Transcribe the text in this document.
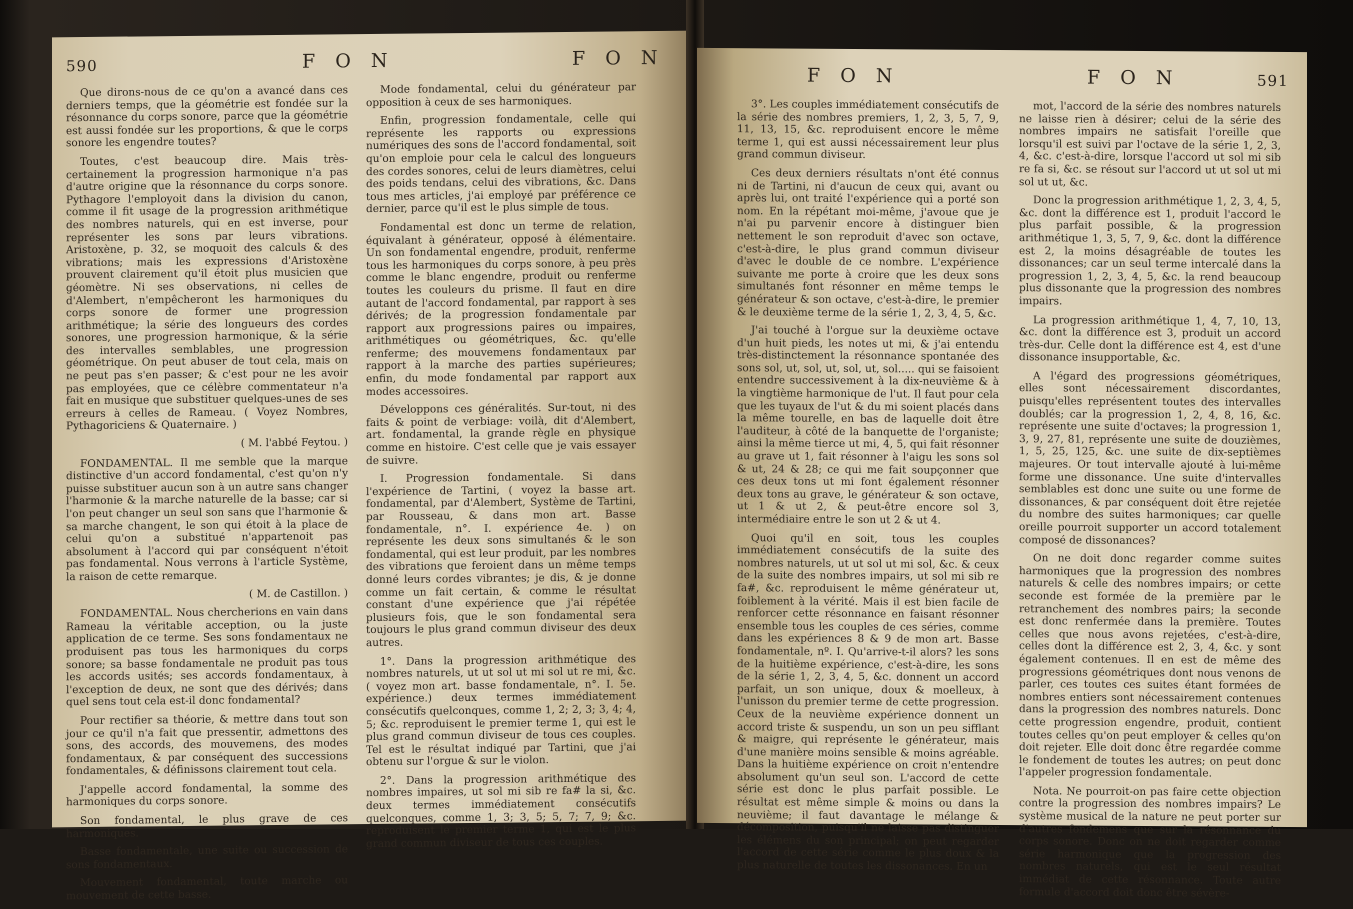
590	F O N	F O N

Que dirons-nous de ce qu'on a avancé dans ces derniers temps, que la géométrie est fondée sur la résonnance du corps sonore, parce que la géométrie est aussi fondée sur les proportions, & que le corps sonore les engendre toutes?

Toutes, c'est beaucoup dire. Mais très-certainement la progression harmonique n'a pas d'autre origine que la résonnance du corps sonore. Pythagore l'employoit dans la division du canon, comme il fit usage de la progression arithmétique des nombres naturels, qui en est inverse, pour représenter les sons par leurs vibrations. Aristoxène, p. 32, se moquoit des calculs & des vibrations; mais les expressions d'Aristoxène prouvent clairement qu'il étoit plus musicien que géomètre. Ni ses observations, ni celles de d'Alembert, n'empêcheront les harmoniques du corps sonore de former une progression arithmétique; la série des longueurs des cordes sonores, une progression harmonique, & la série des intervalles semblables, une progression géométrique. On peut abuser de tout cela, mais on ne peut pas s'en passer; & c'est pour ne les avoir pas employées, que ce célèbre commentateur n'a fait en musique que substituer quelques-unes de ses erreurs à celles de Rameau. ( Voyez Nombres, Pythagoriciens & Quaternaire. )

( M. l'abbé Feytou. )

FONDAMENTAL. Il me semble que la marque distinctive d'un accord fondamental, c'est qu'on n'y puisse substituer aucun son à un autre sans changer l'harmonie & la marche naturelle de la basse; car si l'on peut changer un seul son sans que l'harmonie & sa marche changent, le son qui étoit à la place de celui qu'on a substitué n'appartenoit pas absolument à l'accord qui par conséquent n'étoit pas fondamental. Nous verrons à l'article Système, la raison de cette remarque.

( M. de Castillon. )

FONDAMENTAL. Nous chercherions en vain dans Rameau la véritable acception, ou la juste application de ce terme. Ses sons fondamentaux ne produisent pas tous les harmoniques du corps sonore; sa basse fondamentale ne produit pas tous les accords usités; ses accords fondamentaux, à l'exception de deux, ne sont que des dérivés; dans quel sens tout cela est-il donc fondamental?

Pour rectifier sa théorie, & mettre dans tout son jour ce qu'il n'a fait que pressentir, admettons des sons, des accords, des mouvemens, des modes fondamentaux, & par conséquent des successions fondamentales, & définissons clairement tout cela.

J'appelle accord fondamental, la somme des harmoniques du corps sonore.

Son fondamental, le plus grave de ces harmoniques.

Basse fondamentale, une suite ou succession de sons fondamentaux.

Mouvement fondamental, toute marche ou mouvement de cette basse.

Mode fondamental, celui du générateur par opposition à ceux de ses harmoniques.

Enfin, progression fondamentale, celle qui représente les rapports ou expressions numériques des sons de l'accord fondamental, soit qu'on emploie pour cela le calcul des longueurs des cordes sonores, celui de leurs diamètres, celui des poids tendans, celui des vibrations, &c. Dans tous mes articles, j'ai employé par préférence ce dernier, parce qu'il est le plus simple de tous.

Fondamental est donc un terme de relation, équivalant à générateur, opposé à élémentaire. Un son fondamental engendre, produit, renferme tous les harmoniques du corps sonore, à peu près comme le blanc engendre, produit ou renferme toutes les couleurs du prisme. Il faut en dire autant de l'accord fondamental, par rapport à ses dérivés; de la progression fondamentale par rapport aux progressions paires ou impaires, arithmétiques ou géométriques, &c. qu'elle renferme; des mouvemens fondamentaux par rapport à la marche des parties supérieures; enfin, du mode fondamental par rapport aux modes accessoires.

Développons ces généralités. Sur-tout, ni des faits & point de verbiage: voilà, dit d'Alembert, art. fondamental, la grande règle en physique comme en histoire. C'est celle que je vais essayer de suivre.

I. Progression fondamentale. Si dans l'expérience de Tartini, ( voyez la basse art. fondamental, par d'Alembert, Système de Tartini, par Rousseau, & dans mon art. Basse fondamentale, n°. I. expérience 4e. ) on représente les deux sons simultanés & le son fondamental, qui est leur produit, par les nombres des vibrations que feroient dans un même temps donné leurs cordes vibrantes; je dis, & je donne comme un fait certain, & comme le résultat constant d'une expérience que j'ai répétée plusieurs fois, que le son fondamental sera toujours le plus grand commun diviseur des deux autres.

1°. Dans la progression arithmétique des nombres naturels, ut ut sol ut mi sol ut re mi, &c. ( voyez mon art. basse fondamentale, n°. I. 5e. expérience.) deux termes immédiatement consécutifs quelconques, comme 1, 2; 2, 3; 3, 4; 4, 5; &c. reproduisent le premier terme 1, qui est le plus grand commun diviseur de tous ces couples. Tel est le résultat indiqué par Tartini, que j'ai obtenu sur l'orgue & sur le violon.

2°. Dans la progression arithmétique des nombres impaires, ut sol mi sib re fa# la si, &c. deux termes immédiatement consécutifs quelconques, comme 1, 3; 3, 5; 5, 7; 7, 9; &c. reproduisent le premier terme 1, qui est le plus grand commun diviseur de tous ces couples.

F O N	F O N	591

3°. Les couples immédiatement consécutifs de la série des nombres premiers, 1, 2, 3, 5, 7, 9, 11, 13, 15, &c. reproduisent encore le même terme 1, qui est aussi nécessairement leur plus grand commun diviseur.

Ces deux derniers résultats n'ont été connus ni de Tartini, ni d'aucun de ceux qui, avant ou après lui, ont traité l'expérience qui a porté son nom. En la répétant moi-même, j'avoue que je n'ai pu parvenir encore à distinguer bien nettement le son reproduit d'avec son octave, c'est-à-dire, le plus grand commun diviseur d'avec le double de ce nombre. L'expérience suivante me porte à croire que les deux sons simultanés font résonner en même temps le générateur & son octave, c'est-à-dire, le premier & le deuxième terme de la série 1, 2, 3, 4, 5, &c.

J'ai touché à l'orgue sur la deuxième octave d'un huit pieds, les notes ut mi, & j'ai entendu très-distinctement la résonnance spontanée des sons sol, ut, sol, ut, sol, ut, sol..... qui se faisoient entendre successivement à la dix-neuvième & à la vingtième harmonique de l'ut. Il faut pour cela que les tuyaux de l'ut & du mi soient placés dans la même tourelle, en bas de laquelle doit être l'auditeur, à côté de la banquette de l'organiste; ainsi la même tierce ut mi, 4, 5, qui fait résonner au grave ut 1, fait résonner à l'aigu les sons sol & ut, 24 & 28; ce qui me fait soupçonner que ces deux tons ut mi font également résonner deux tons au grave, le générateur & son octave, ut 1 & ut 2, & peut-être encore sol 3, intermédiaire entre le son ut 2 & ut 4.

Quoi qu'il en soit, tous les couples immédiatement consécutifs de la suite des nombres naturels, ut ut sol ut mi sol, &c. & ceux de la suite des nombres impairs, ut sol mi sib re fa#, &c. reproduisent le même générateur ut, foiblement à la vérité. Mais il est bien facile de renforcer cette résonnance en faisant résonner ensemble tous les couples de ces séries, comme dans les expériences 8 & 9 de mon art. Basse fondamentale, nº. I. Qu'arrive-t-il alors? les sons de la huitième expérience, c'est-à-dire, les sons de la série 1, 2, 3, 4, 5, &c. donnent un accord parfait, un son unique, doux & moelleux, à l'unisson du premier terme de cette progression. Ceux de la neuvième expérience donnent un accord triste & suspendu, un son un peu sifflant & maigre, qui représente le générateur, mais d'une manière moins sensible & moins agréable. Dans la huitième expérience on croit n'entendre absolument qu'un seul son. L'accord de cette série est donc le plus parfait possible. Le résultat est même simple & moins ou dans la neuvième; il faut davantage le mélange & décomposition, puisqu'il ne laisse pas distinguer les élémens du son principal; on peut regarder l'accord de cette série comme le plus doux & la plus naturelle de toutes les dissonances. En un

mot, l'accord de la série des nombres naturels ne laisse rien à désirer; celui de la série des nombres impairs ne satisfait l'oreille que lorsqu'il est suivi par l'octave de la série 1, 2, 3, 4, &c. c'est-à-dire, lorsque l'accord ut sol mi sib re fa si, &c. se résout sur l'accord ut ut sol ut mi sol ut ut, &c.

Donc la progression arithmétique 1, 2, 3, 4, 5, &c. dont la différence est 1, produit l'accord le plus parfait possible, & la progression arithmétique 1, 3, 5, 7, 9, &c. dont la différence est 2, la moins désagréable de toutes les dissonances; car un seul terme intercalé dans la progression 1, 2, 3, 4, 5, &c. la rend beaucoup plus dissonante que la progression des nombres impairs.

La progression arithmétique 1, 4, 7, 10, 13, &c. dont la différence est 3, produit un accord très-dur. Celle dont la différence est 4, est d'une dissonance insupportable, &c.

A l'égard des progressions géométriques, elles sont nécessairement discordantes, puisqu'elles représentent toutes des intervalles doublés; car la progression 1, 2, 4, 8, 16, &c. représente une suite d'octaves; la progression 1, 3, 9, 27, 81, représente une suite de douzièmes, 1, 5, 25, 125, &c. une suite de dix-septièmes majeures. Or tout intervalle ajouté à lui-même forme une dissonance. Une suite d'intervalles semblables est donc une suite ou une forme de dissonances, & par conséquent doit être rejetée du nombre des suites harmoniques; car quelle oreille pourroit supporter un accord totalement composé de dissonances?

On ne doit donc regarder comme suites harmoniques que la progression des nombres naturels & celle des nombres impairs; or cette seconde est formée de la première par le retranchement des nombres pairs; la seconde est donc renfermée dans la première. Toutes celles que nous avons rejetées, c'est-à-dire, celles dont la différence est 2, 3, 4, &c. y sont également contenues. Il en est de même des progressions géométriques dont nous venons de parler, ces toutes ces suites étant formées de nombres entiers sont nécessairement contenues dans la progression des nombres naturels. Donc cette progression engendre, produit, contient toutes celles qu'on peut employer & celles qu'on doit rejeter. Elle doit donc être regardée comme le fondement de toutes les autres; on peut donc l'appeler progression fondamentale.

Nota. Ne pourroit-on pas faire cette objection contre la progression des nombres impairs? Le système musical de la nature ne peut porter sur d'autres fondemens que sur la résonnance du corps sonore. Donc on ne doit regarder comme série harmonique que la progression des nombres naturels, qui est le seul résultat immédiat de cette résonnance. Toute autre formule d'accord doit donc être sévère-
